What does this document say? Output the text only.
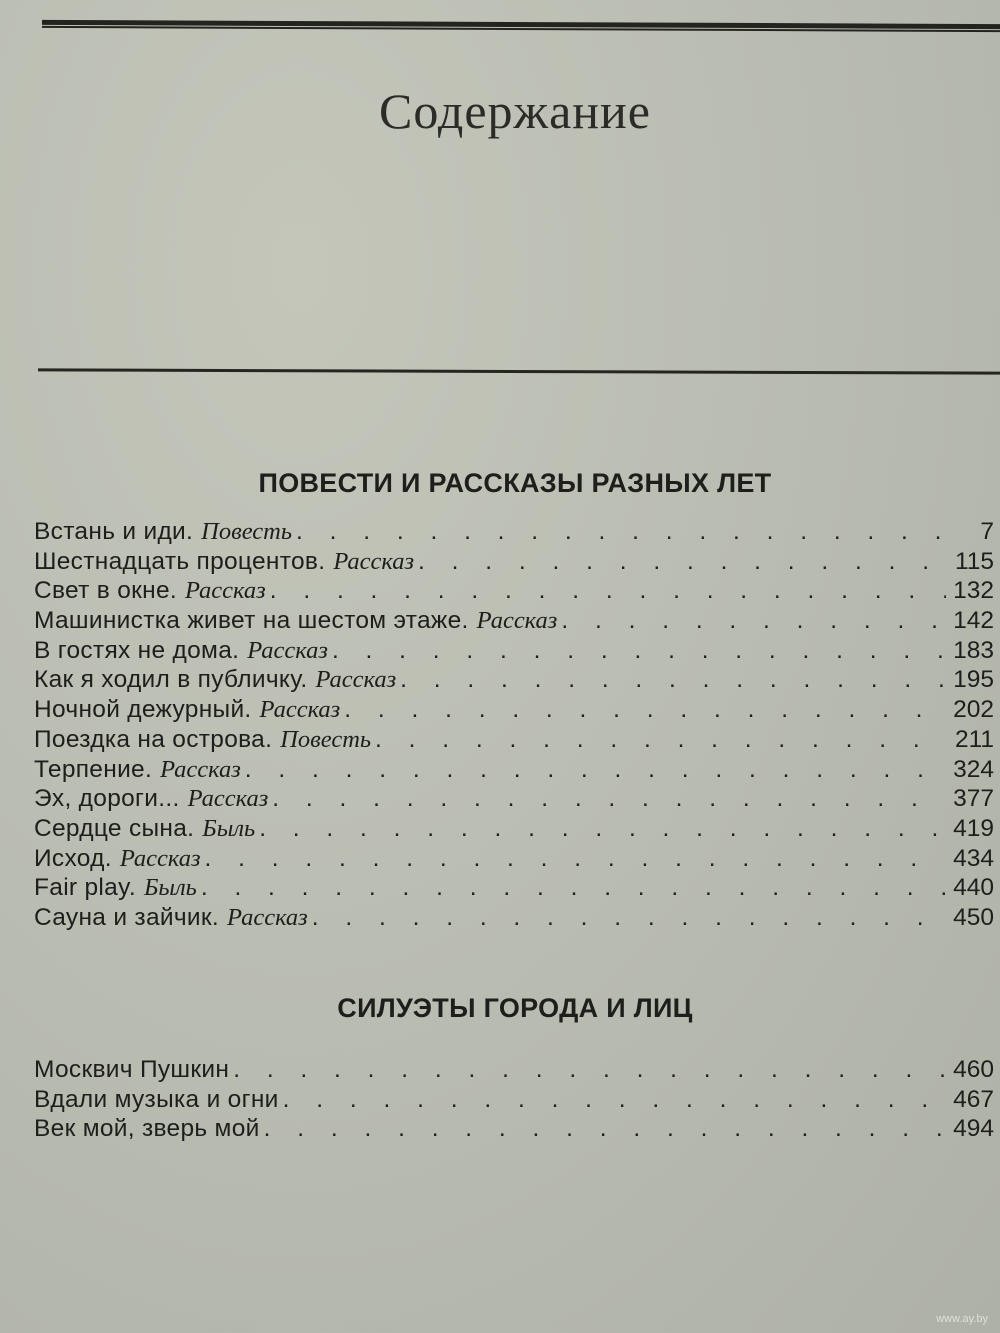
Содержание
ПОВЕСТИ И РАССКАЗЫ РАЗНЫХ ЛЕТ
Встань и иди. Повесть . . .	7
Шестнадцать процентов. Рассказ . . .	115
Свет в окне. Рассказ . . .	132
Машинистка живет на шестом этаже. Рассказ . . .	142
В гостях не дома. Рассказ . . .	183
Как я ходил в публичку. Рассказ . . .	195
Ночной дежурный. Рассказ . . .	202
Поездка на острова. Повесть . . .	211
Терпение. Рассказ . . .	324
Эх, дороги... Рассказ . . .	377
Сердце сына. Быль . . .	419
Исход. Рассказ . . .	434
Fair play. Быль . . .	440
Сауна и зайчик. Рассказ . . .	450
СИЛУЭТЫ ГОРОДА И ЛИЦ
Москвич Пушкин . . .	460
Вдали музыка и огни . . .	467
Век мой, зверь мой . . .	494
www.ay.by
